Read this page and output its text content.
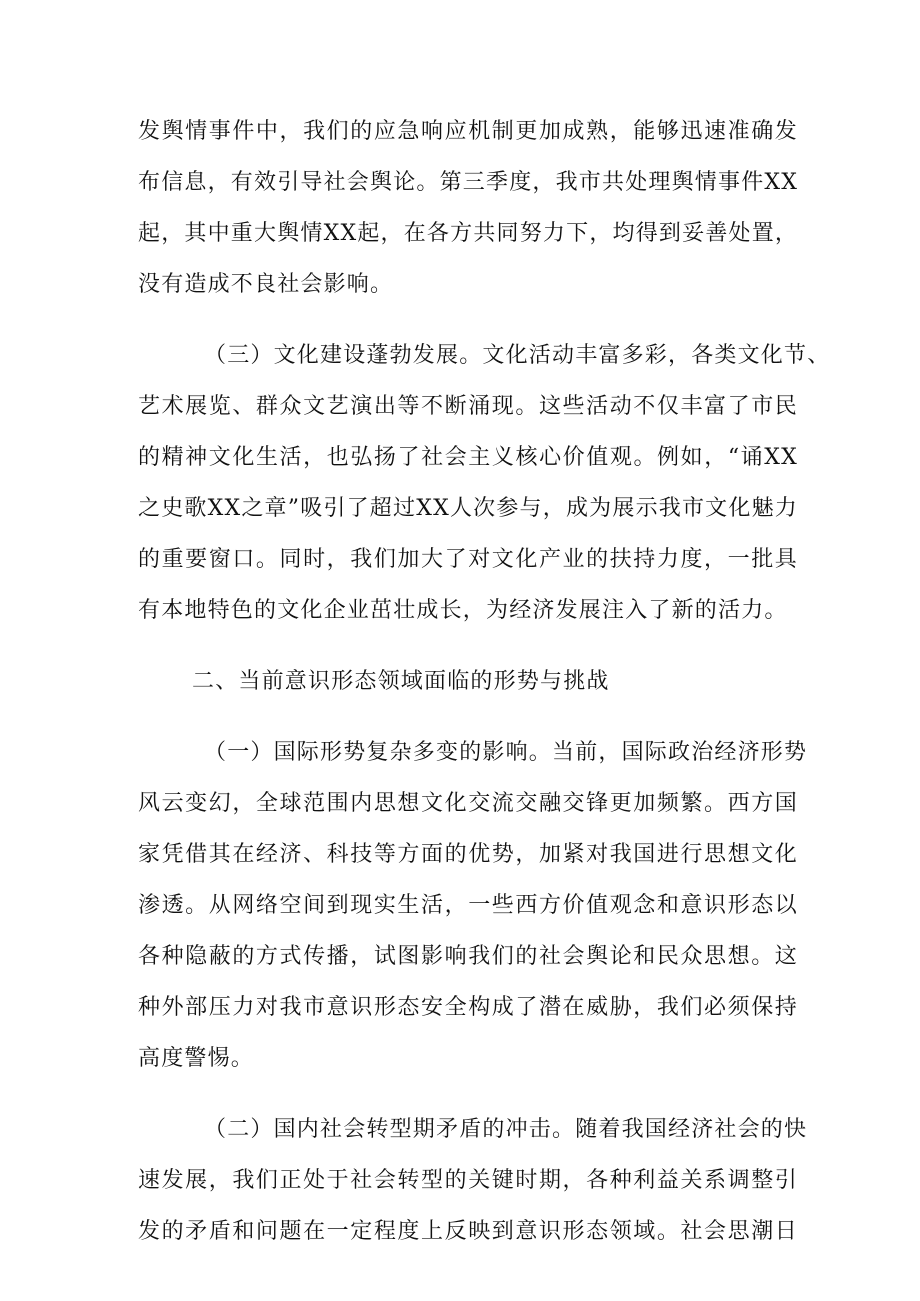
发舆情事件中，我们的应急响应机制更加成熟，能够迅速准确发
布信息，有效引导社会舆论。第三季度，我市共处理舆情事件XX
起，其中重大舆情XX起，在各方共同努力下，均得到妥善处置，
没有造成不良社会影响。

（三）文化建设蓬勃发展。文化活动丰富多彩，各类文化节、
艺术展览、群众文艺演出等不断涌现。这些活动不仅丰富了市民
的精神文化生活，也弘扬了社会主义核心价值观。例如，“诵XX
之史歌XX之章”吸引了超过XX人次参与，成为展示我市文化魅力
的重要窗口。同时，我们加大了对文化产业的扶持力度，一批具
有本地特色的文化企业茁壮成长，为经济发展注入了新的活力。

二、当前意识形态领域面临的形势与挑战

（一）国际形势复杂多变的影响。当前，国际政治经济形势
风云变幻，全球范围内思想文化交流交融交锋更加频繁。西方国
家凭借其在经济、科技等方面的优势，加紧对我国进行思想文化
渗透。从网络空间到现实生活，一些西方价值观念和意识形态以
各种隐蔽的方式传播，试图影响我们的社会舆论和民众思想。这
种外部压力对我市意识形态安全构成了潜在威胁，我们必须保持
高度警惕。

（二）国内社会转型期矛盾的冲击。随着我国经济社会的快
速发展，我们正处于社会转型的关键时期，各种利益关系调整引
发的矛盾和问题在一定程度上反映到意识形态领域。社会思潮日
